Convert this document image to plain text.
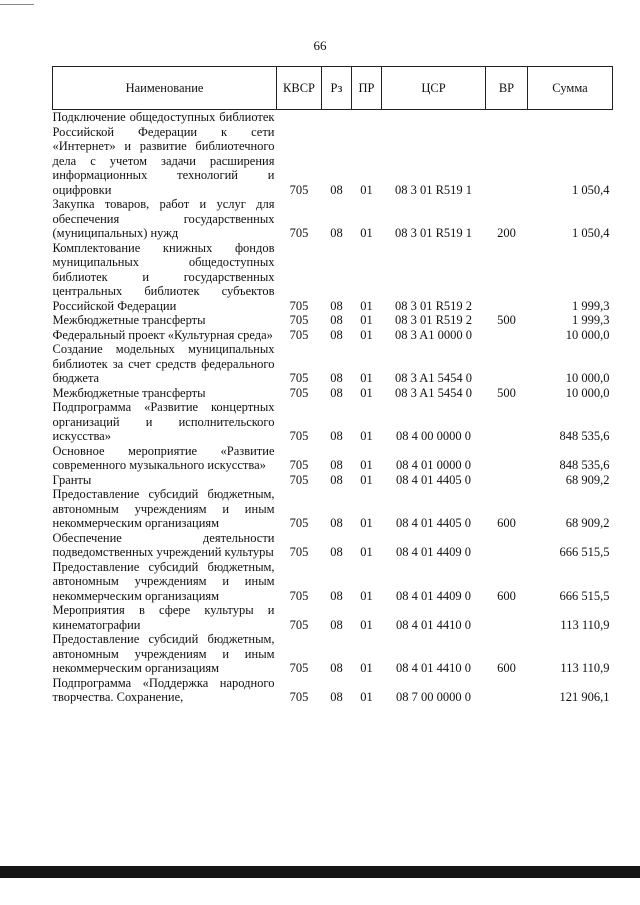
66
Наименование	КВСР	Рз	ПР	ЦСР	ВР	Сумма
Подключение общедоступных библиотек Российской Федерации к сети «Интернет» и развитие библиотечного дела с учетом задачи расширения информационных технологий и оцифровки	705	08	01	08 3 01 R519 1		1 050,4
Закупка товаров, работ и услуг для обеспечения государственных (муниципальных) нужд	705	08	01	08 3 01 R519 1	200	1 050,4
Комплектование книжных фондов муниципальных общедоступных библиотек и государственных центральных библиотек субъектов Российской Федерации	705	08	01	08 3 01 R519 2		1 999,3
Межбюджетные трансферты	705	08	01	08 3 01 R519 2	500	1 999,3
Федеральный проект «Культурная среда»	705	08	01	08 3 A1 0000 0		10 000,0
Создание модельных муниципальных библиотек за счет средств федерального бюджета	705	08	01	08 3 A1 5454 0		10 000,0
Межбюджетные трансферты	705	08	01	08 3 A1 5454 0	500	10 000,0
Подпрограмма «Развитие концертных организаций и исполнительского искусства»	705	08	01	08 4 00 0000 0		848 535,6
Основное мероприятие «Развитие современного музыкального искусства»	705	08	01	08 4 01 0000 0		848 535,6
Гранты	705	08	01	08 4 01 4405 0		68 909,2
Предоставление субсидий бюджетным, автономным учреждениям и иным некоммерческим организациям	705	08	01	08 4 01 4405 0	600	68 909,2
Обеспечение деятельности подведомственных учреждений культуры	705	08	01	08 4 01 4409 0		666 515,5
Предоставление субсидий бюджетным, автономным учреждениям и иным некоммерческим организациям	705	08	01	08 4 01 4409 0	600	666 515,5
Мероприятия в сфере культуры и кинематографии	705	08	01	08 4 01 4410 0		113 110,9
Предоставление субсидий бюджетным, автономным учреждениям и иным некоммерческим организациям	705	08	01	08 4 01 4410 0	600	113 110,9
Подпрограмма «Поддержка народного творчества. Сохранение,	705	08	01	08 7 00 0000 0		121 906,1
